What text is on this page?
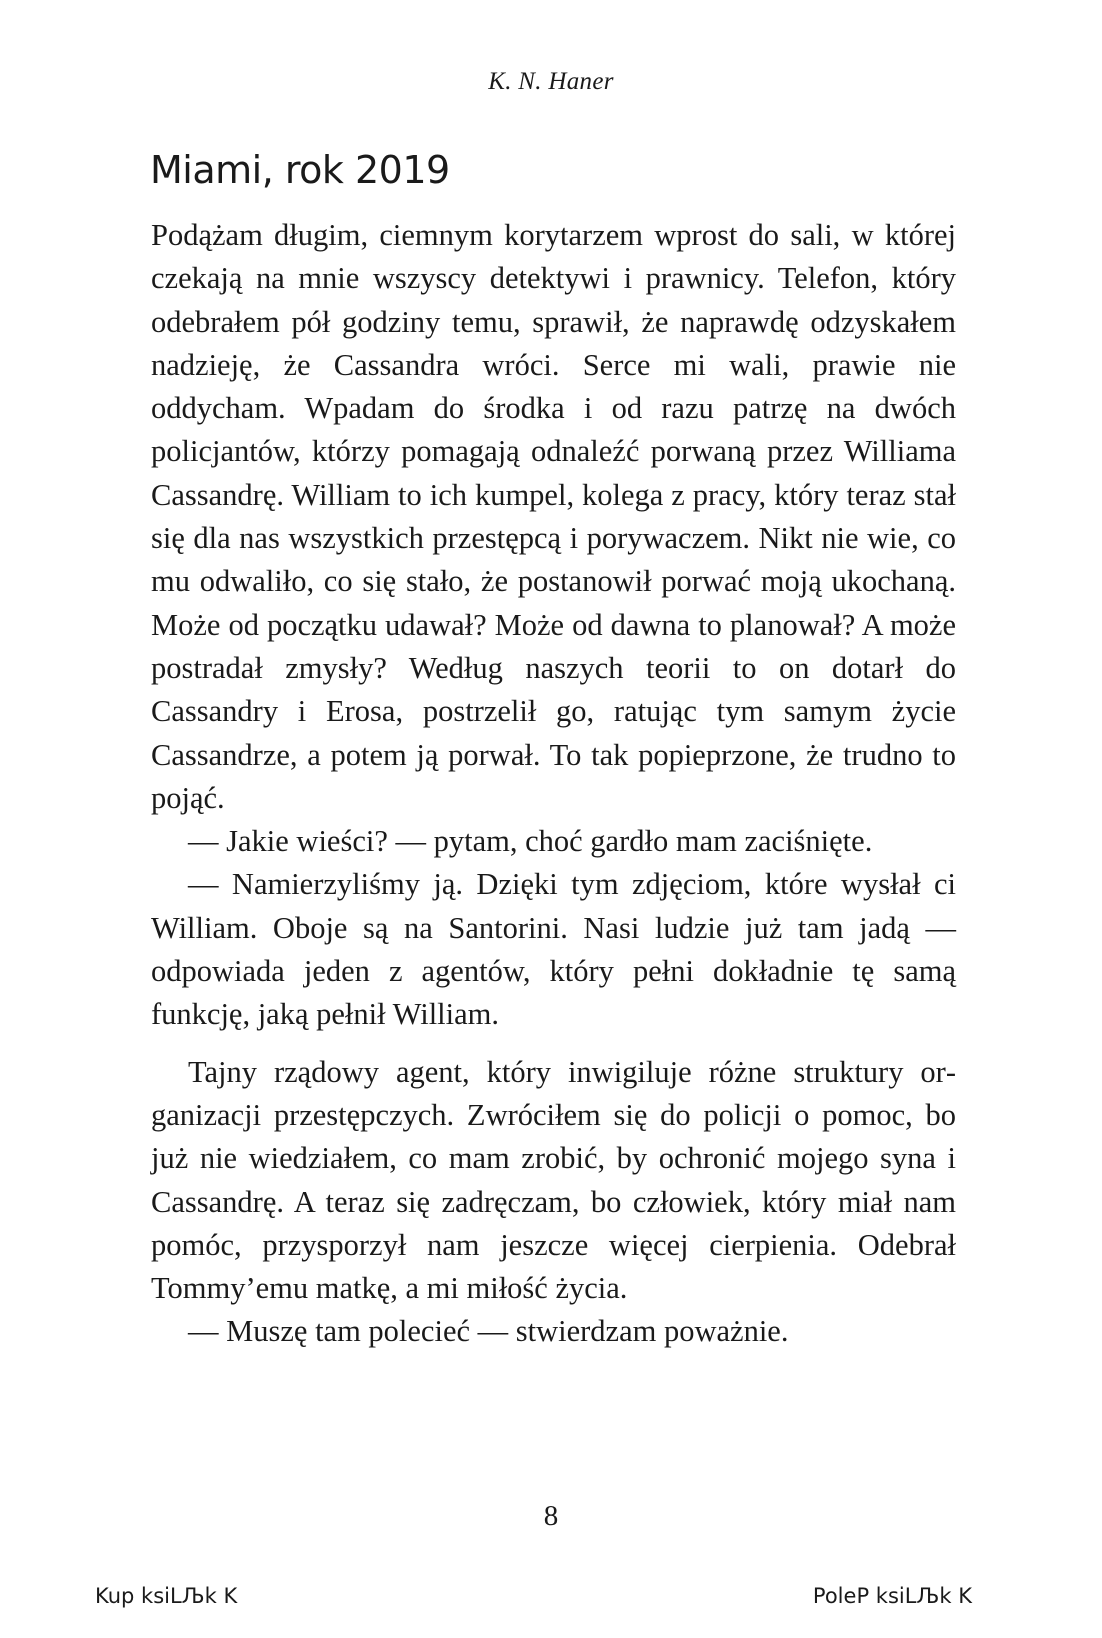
K. N. Haner
Miami, rok 2019

Podążam długim, ciemnym korytarzem wprost do sali, w której czekają na mnie wszyscy detektywi i prawnicy. Telefon, który odebrałem pół godziny temu, sprawił, że naprawdę odzyskałem nadzieję, że Cassandra wróci. Serce mi wali, prawie nie oddycham. Wpadam do środka i od razu patrzę na dwóch policjantów, którzy pomagają odnaleźć porwaną przez Williama Cassandrę. William to ich kumpel, kolega z pracy, który teraz stał się dla nas wszystkich przestępcą i porywaczem. Nikt nie wie, co mu odwaliło, co się stało, że postanowił porwać moją ukochaną. Może od początku udawał? Może od dawna to planował? A może postradał zmysły? Według naszych teorii to on dotarł do Cassandry i Erosa, postrzelił go, ratując tym samym życie Cassandrze, a potem ją porwał. To tak popieprzone, że trudno to pojąć.

— Jakie wieści? — pytam, choć gardło mam zaciśnięte.

— Namierzyliśmy ją. Dzięki tym zdjęciom, które wysłał ci William. Oboje są na Santorini. Nasi ludzie już tam jadą — odpowiada jeden z agentów, który pełni dokładnie tę samą funkcję, jaką pełnił William.

Tajny rządowy agent, który inwigiluje różne struktury organizacji przestępczych. Zwróciłem się do policji o pomoc, bo już nie wiedziałem, co mam zrobić, by ochronić mojego syna i Cassandrę. A teraz się zadręczam, bo człowiek, który miał nam pomóc, przysporzył nam jeszcze więcej cierpienia. Odebrał Tommy’emu matkę, a mi miłość życia.

— Muszę tam polecieć — stwierdzam poważnie.

8
Kup ksiLЉk K	PoleP ksiLЉk K
